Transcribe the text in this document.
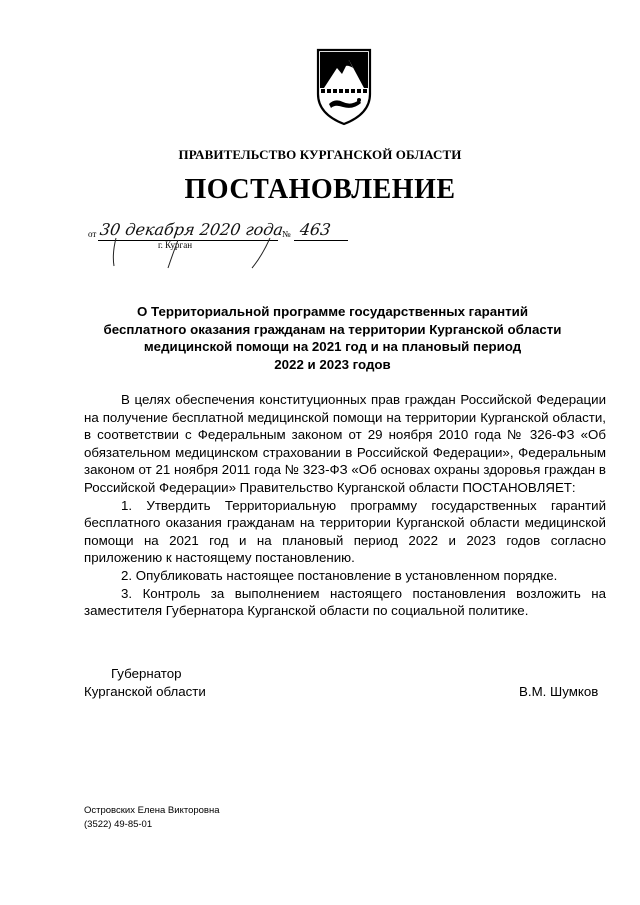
ПРАВИТЕЛЬСТВО КУРГАНСКОЙ ОБЛАСТИ
ПОСТАНОВЛЕНИЕ
от 30 декабря 2020 года
№ 463
г. Курган
О Территориальной программе государственных гарантий
бесплатного оказания гражданам на территории Курганской области
медицинской помощи на 2021 год и на плановый период
2022 и 2023 годов

В целях обеспечения конституционных прав граждан Российской Федерации на получение бесплатной медицинской помощи на территории Курганской области, в соответствии с Федеральным законом от 29 ноября 2010 года № 326-ФЗ «Об обязательном медицинском страховании в Российской Федерации», Федеральным законом от 21 ноября 2011 года № 323-ФЗ «Об основах охраны здоровья граждан в Российской Федерации» Правительство Курганской области ПОСТАНОВЛЯЕТ:

1. Утвердить Территориальную программу государственных гарантий бесплатного оказания гражданам на территории Курганской области медицинской помощи на 2021 год и на плановый период 2022 и 2023 годов согласно приложению к настоящему постановлению.

2. Опубликовать настоящее постановление в установленном порядке.

3. Контроль за выполнением настоящего постановления возложить на заместителя Губернатора Курганской области по социальной политике.

Губернатор
Курганской области	В.М. Шумков
Островских Елена Викторовна
(3522) 49-85-01
